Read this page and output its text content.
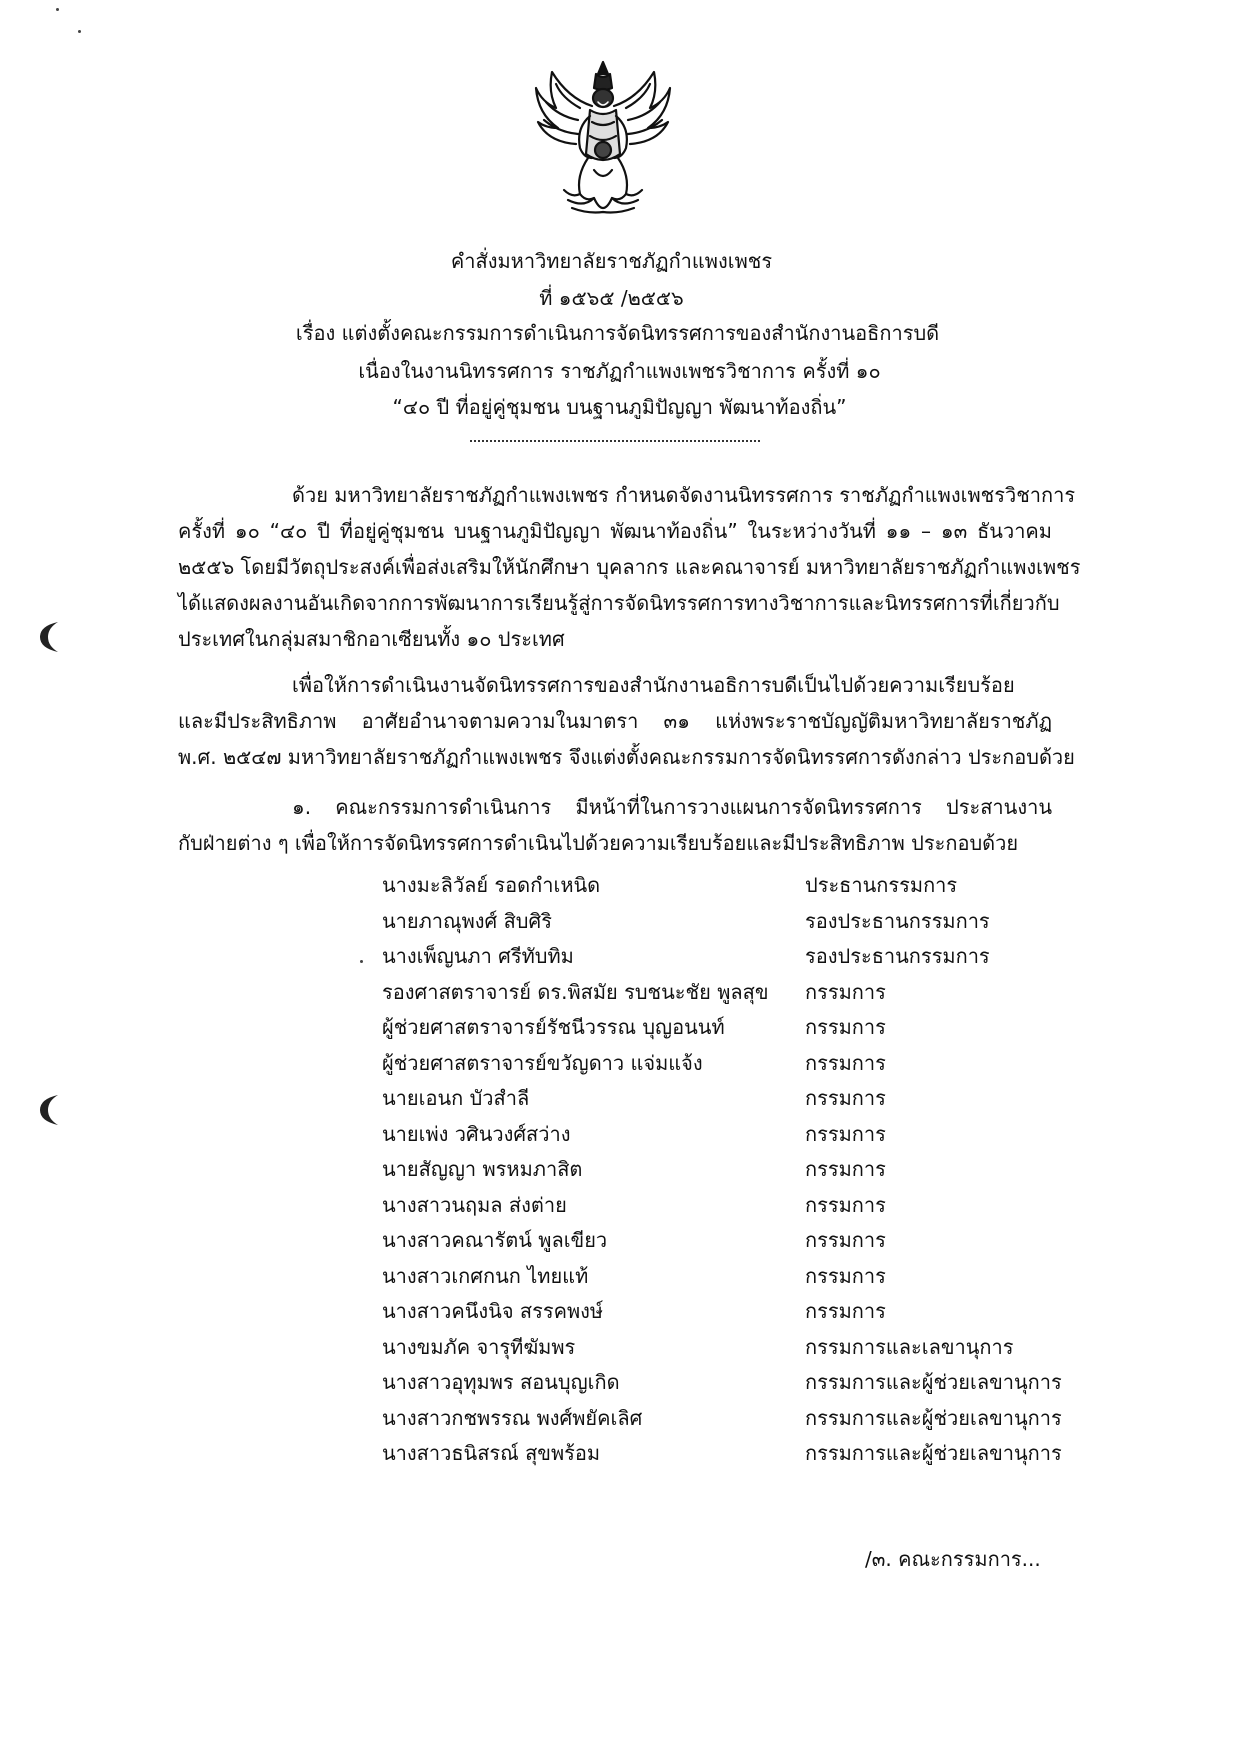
คำสั่งมหาวิทยาลัยราชภัฏกำแพงเพชร
ที่ ๑๕๖๕ /๒๕๕๖
เรื่อง แต่งตั้งคณะกรรมการดำเนินการจัดนิทรรศการของสำนักงานอธิการบดี
เนื่องในงานนิทรรศการ ราชภัฏกำแพงเพชรวิชาการ ครั้งที่ ๑๐
“๔๐ ปี ที่อยู่คู่ชุมชน บนฐานภูมิปัญญา พัฒนาท้องถิ่น”
ด้วย มหาวิทยาลัยราชภัฏกำแพงเพชร กำหนดจัดงานนิทรรศการ ราชภัฏกำแพงเพชรวิชาการ
ครั้งที่ ๑๐ “๔๐ ปี ที่อยู่คู่ชุมชน บนฐานภูมิปัญญา พัฒนาท้องถิ่น” ในระหว่างวันที่ ๑๑ – ๑๓ ธันวาคม
๒๕๕๖ โดยมีวัตถุประสงค์เพื่อส่งเสริมให้นักศึกษา บุคลากร และคณาจารย์ มหาวิทยาลัยราชภัฏกำแพงเพชร
ได้แสดงผลงานอันเกิดจากการพัฒนาการเรียนรู้สู่การจัดนิทรรศการทางวิชาการและนิทรรศการที่เกี่ยวกับ
ประเทศในกลุ่มสมาชิกอาเซียนทั้ง ๑๐ ประเทศ
เพื่อให้การดำเนินงานจัดนิทรรศการของสำนักงานอธิการบดีเป็นไปด้วยความเรียบร้อย
และมีประสิทธิภาพ อาศัยอำนาจตามความในมาตรา ๓๑ แห่งพระราชบัญญัติมหาวิทยาลัยราชภัฏ
พ.ศ. ๒๕๔๗ มหาวิทยาลัยราชภัฏกำแพงเพชร จึงแต่งตั้งคณะกรรมการจัดนิทรรศการดังกล่าว ประกอบด้วย
๑. คณะกรรมการดำเนินการ มีหน้าที่ในการวางแผนการจัดนิทรรศการ ประสานงาน
กับฝ่ายต่าง ๆ เพื่อให้การจัดนิทรรศการดำเนินไปด้วยความเรียบร้อยและมีประสิทธิภาพ ประกอบด้วย
นางมะลิวัลย์ รอดกำเหนิด	ประธานกรรมการ
นายภาณุพงศ์ สิบศิริ	รองประธานกรรมการ
นางเพ็ญนภา ศรีทับทิม	รองประธานกรรมการ
รองศาสตราจารย์ ดร.พิสมัย รบชนะชัย พูลสุข กรรมการ
ผู้ช่วยศาสตราจารย์รัชนีวรรณ บุญอนนท์	กรรมการ
ผู้ช่วยศาสตราจารย์ขวัญดาว แจ่มแจ้ง	กรรมการ
นายเอนก บัวสำลี	กรรมการ
นายเพ่ง วศินวงศ์สว่าง	กรรมการ
นายสัญญา พรหมภาสิต	กรรมการ
นางสาวนฤมล ส่งต่าย	กรรมการ
นางสาวคณารัตน์ พูลเขียว	กรรมการ
นางสาวเกศกนก ไทยแท้	กรรมการ
นางสาวคนึงนิจ สรรคพงษ์	กรรมการ
นางขมภัค จารุทีฆัมพร	กรรมการและเลขานุการ
นางสาวอุทุมพร สอนบุญเกิด	กรรมการและผู้ช่วยเลขานุการ
นางสาวกชพรรณ พงศ์พยัคเลิศ	กรรมการและผู้ช่วยเลขานุการ
นางสาวธนิสรณ์ สุขพร้อม	กรรมการและผู้ช่วยเลขานุการ
/๓. คณะกรรมการ...
